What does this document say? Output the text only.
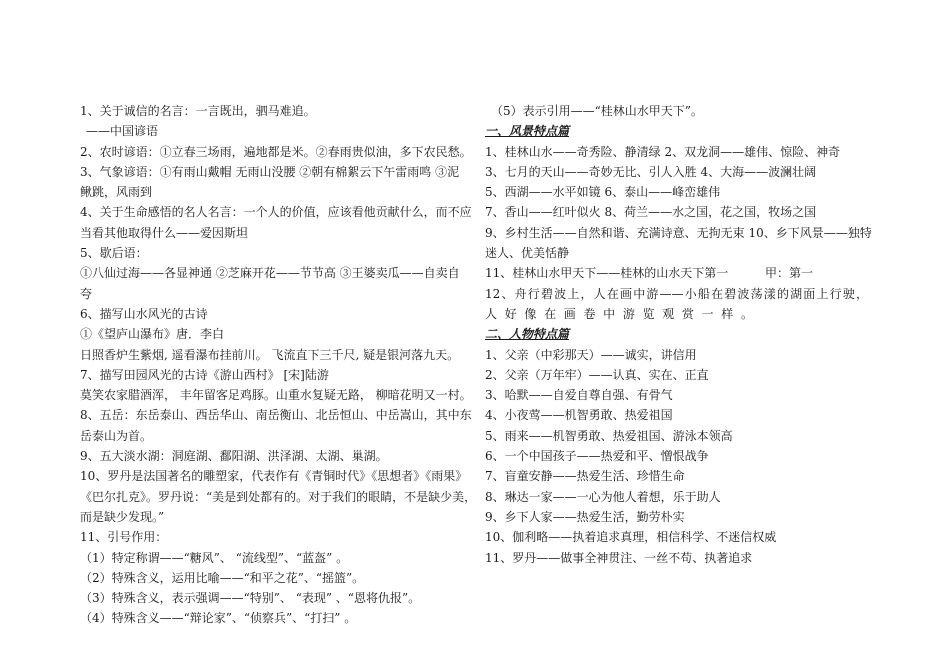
1、关于诚信的名言：一言既出，驷马难追。
——中国谚语
2、农时谚语：①立春三场雨，遍地都是米。②春雨贵似油，多下农民愁。
3、气象谚语：①有雨山戴帽 无雨山没腰 ②朝有棉絮云下午雷雨鸣 ③泥
鳅跳，风雨到
4、关于生命感悟的名人名言：一个人的价值，应该看他贡献什么，而不应
当看其他取得什么——爱因斯坦
5、歇后语：
①八仙过海——各显神通 ②芝麻开花——节节高 ③王婆卖瓜——自卖自
夸
6、描写山水风光的古诗
①《望庐山瀑布》唐．李白
日照香炉生紫烟, 遥看瀑布挂前川。 飞流直下三千尺, 疑是银河落九天。
7、描写田园风光的古诗《游山西村》 [宋]陆游
莫笑农家腊酒浑， 丰年留客足鸡豚。山重水复疑无路， 柳暗花明又一村。
8、五岳：东岳泰山、西岳华山、南岳衡山、北岳恒山、中岳嵩山，其中东
岳泰山为首。
9、五大淡水湖：洞庭湖、鄱阳湖、洪泽湖、太湖、巢湖。
10、罗丹是法国著名的雕塑家，代表作有《青铜时代》《思想者》《雨果》
《巴尔扎克》。罗丹说：“美是到处都有的。对于我们的眼睛，不是缺少美，
而是缺少发现。”
11、引号作用：
（1）特定称谓——“糖风”、 “流线型”、“蓝盔” 。
（2）特殊含义，运用比喻——“和平之花”、“摇篮”。
（3）特殊含义，表示强调——“特别”、 “表现” 、“恩将仇报”。
（4）特殊含义——“辩论家”、“侦察兵”、“打扫” 。
（5）表示引用——“桂林山水甲天下”。
一、风景特点篇
1、桂林山水——奇秀险、静清绿 2、双龙洞——雄伟、惊险、神奇
3、七月的天山——奇妙无比、引人入胜 4、大海——波澜壮阔
5、西湖——水平如镜 6、泰山——峰峦雄伟
7、香山——红叶似火 8、荷兰——水之国，花之国，牧场之国
9、乡村生活——自然和谐、充满诗意、无拘无束 10、乡下风景——独特
迷人、优美恬静
11、桂林山水甲天下——桂林的山水天下第一	甲：第一
12、舟行碧波上，人在画中游——小船在碧波荡漾的湖面上行驶，
人好像在画卷中游览观赏一样。
二、人物特点篇
1、父亲（中彩那天）——诚实，讲信用
2、父亲（万年牢）——认真、实在、正直
3、哈默——自爱自尊自强、有骨气
4、小夜莺——机智勇敢、热爱祖国
5、雨来——机智勇敢、热爱祖国、游泳本领高
6、一个中国孩子——热爱和平、憎恨战争
7、盲童安静——热爱生活、珍惜生命
8、琳达一家——一心为他人着想，乐于助人
9、乡下人家——热爱生活，勤劳朴实
10、伽利略——执着追求真理，相信科学、不迷信权威
11、罗丹——做事全神贯注、一丝不苟、执著追求
